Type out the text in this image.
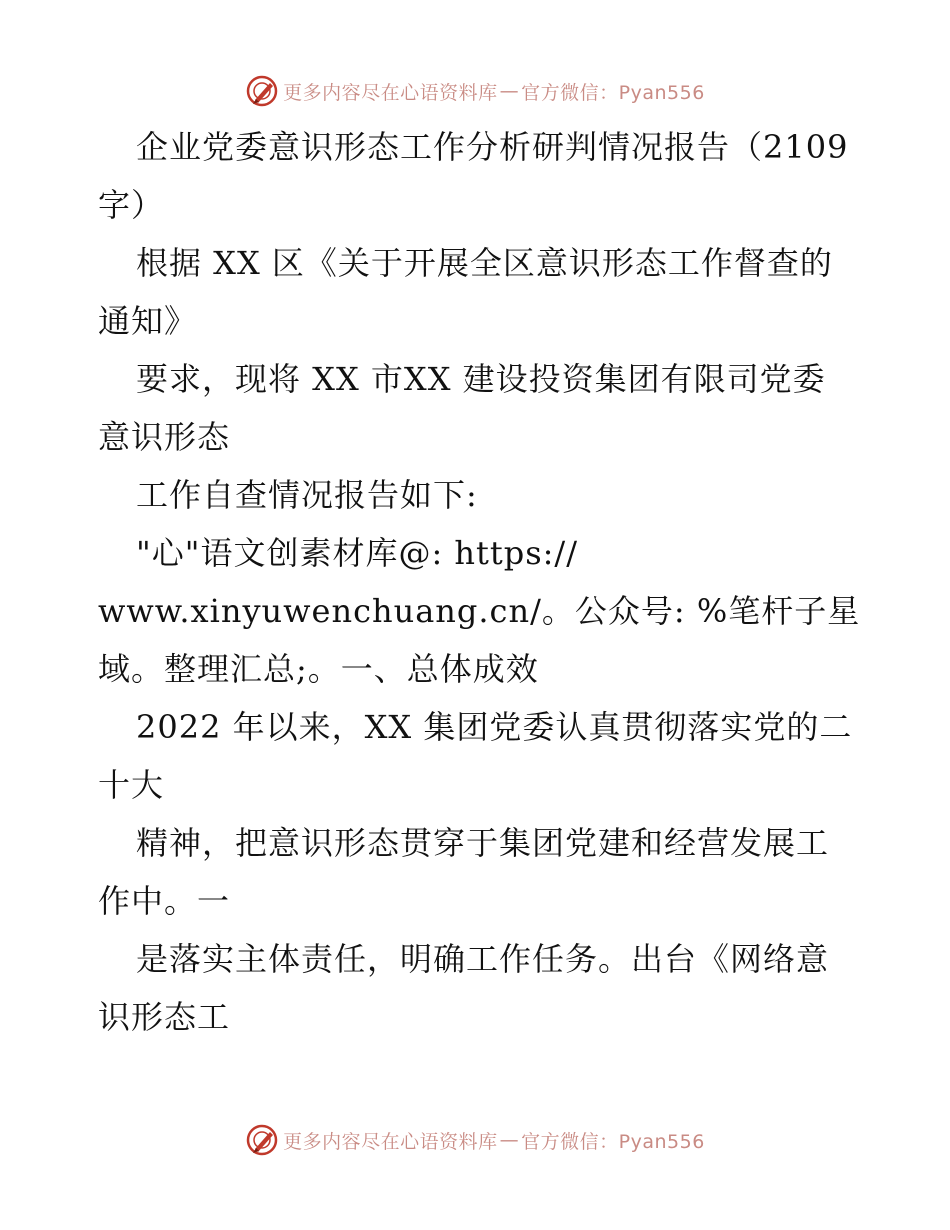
更多内容尽在心语资料库 — 官方微信：Pyan556
企业党委意识形态工作分析研判情况报告（2109
字）
根据 XX 区《关于开展全区意识形态工作督查的
通知》
要求，现将 XX 市XX 建设投资集团有限司党委
意识形态
工作自查情况报告如下:
"心"语文创素材库@: https://
www.xinyuwenchuang.cn/。公众号: %笔杆子星
域。整理汇总;。一、总体成效
2022 年以来，XX 集团党委认真贯彻落实党的二
十大
精神，把意识形态贯穿于集团党建和经营发展工
作中。一
是落实主体责任，明确工作任务。出台《网络意
识形态工
更多内容尽在心语资料库 — 官方微信：Pyan556
